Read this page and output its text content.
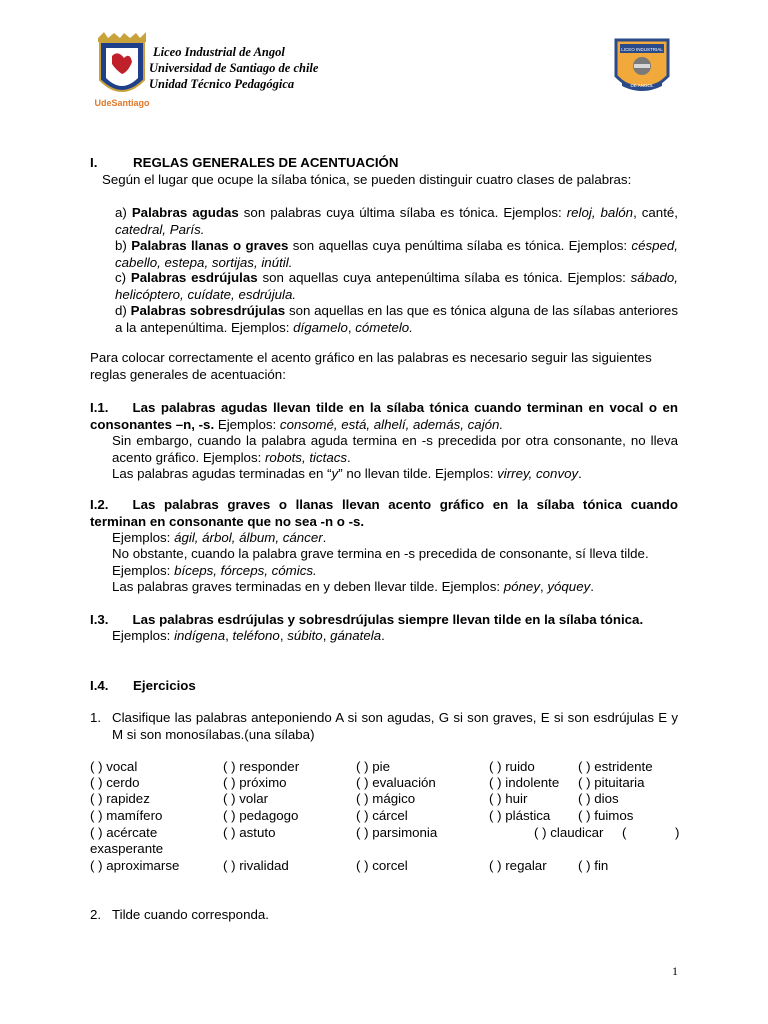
UdeSantiago
Liceo Industrial de Angol
Universidad de Santiago de chile
Unidad Técnico Pedagógica
LICEO INDUSTRIAL
DE ANGOL
I.	REGLAS GENERALES DE ACENTUACIÓN
Según el lugar que ocupe la sílaba tónica, se pueden distinguir cuatro clases de palabras:
a) Palabras agudas son palabras cuya última sílaba es tónica. Ejemplos: reloj, balón, canté, catedral, París.
b) Palabras llanas o graves son aquellas cuya penúltima sílaba es tónica. Ejemplos: césped, cabello, estepa, sortijas, inútil.
c) Palabras esdrújulas son aquellas cuya antepenúltima sílaba es tónica. Ejemplos: sábado, helicóptero, cuídate, esdrújula.
d) Palabras sobresdrújulas son aquellas en las que es tónica alguna de las sílabas anteriores a la antepenúltima. Ejemplos: dígamelo, cómetelo.
Para colocar correctamente el acento gráfico en las palabras es necesario seguir las siguientes reglas generales de acentuación:
I.1. Las palabras agudas llevan tilde en la sílaba tónica cuando terminan en vocal o en consonantes –n, -s. Ejemplos: consomé, está, alhelí, además, cajón.
Sin embargo, cuando la palabra aguda termina en -s precedida por otra consonante, no lleva acento gráfico. Ejemplos: robots, tictacs.
Las palabras agudas terminadas en “y” no llevan tilde. Ejemplos: virrey, convoy.
I.2. Las palabras graves o llanas llevan acento gráfico en la sílaba tónica cuando terminan en consonante que no sea -n o -s.
Ejemplos: ágil, árbol, álbum, cáncer.
No obstante, cuando la palabra grave termina en -s precedida de consonante, sí lleva tilde.
Ejemplos: bíceps, fórceps, cómics.
Las palabras graves terminadas en y deben llevar tilde. Ejemplos: póney, yóquey.
I.3. Las palabras esdrújulas y sobresdrújulas siempre llevan tilde en la sílaba tónica.
Ejemplos: indígena, teléfono, súbito, gánatela.
I.4. Ejercicios
1. Clasifique las palabras anteponiendo A si son agudas, G si son graves, E si son esdrújulas E y M si son monosílabas.(una sílaba)
( ) vocal	( ) responder	( ) pie	( ) ruido	( ) estridente
( ) cerdo	( ) próximo	( ) evaluación	( ) indolente ( ) pituitaria
( ) rapidez	( ) volar	( ) mágico	( ) huir	( ) dios
( ) mamífero	( ) pedagogo	( ) cárcel	( ) plástica ( ) fuimos
( ) acércate	( ) astuto	( ) parsimonia	( ) claudicar (	)
exasperante
( ) aproximarse	( ) rivalidad	( ) corcel	( ) regalar ( ) fin
2. Tilde cuando corresponda.
1
